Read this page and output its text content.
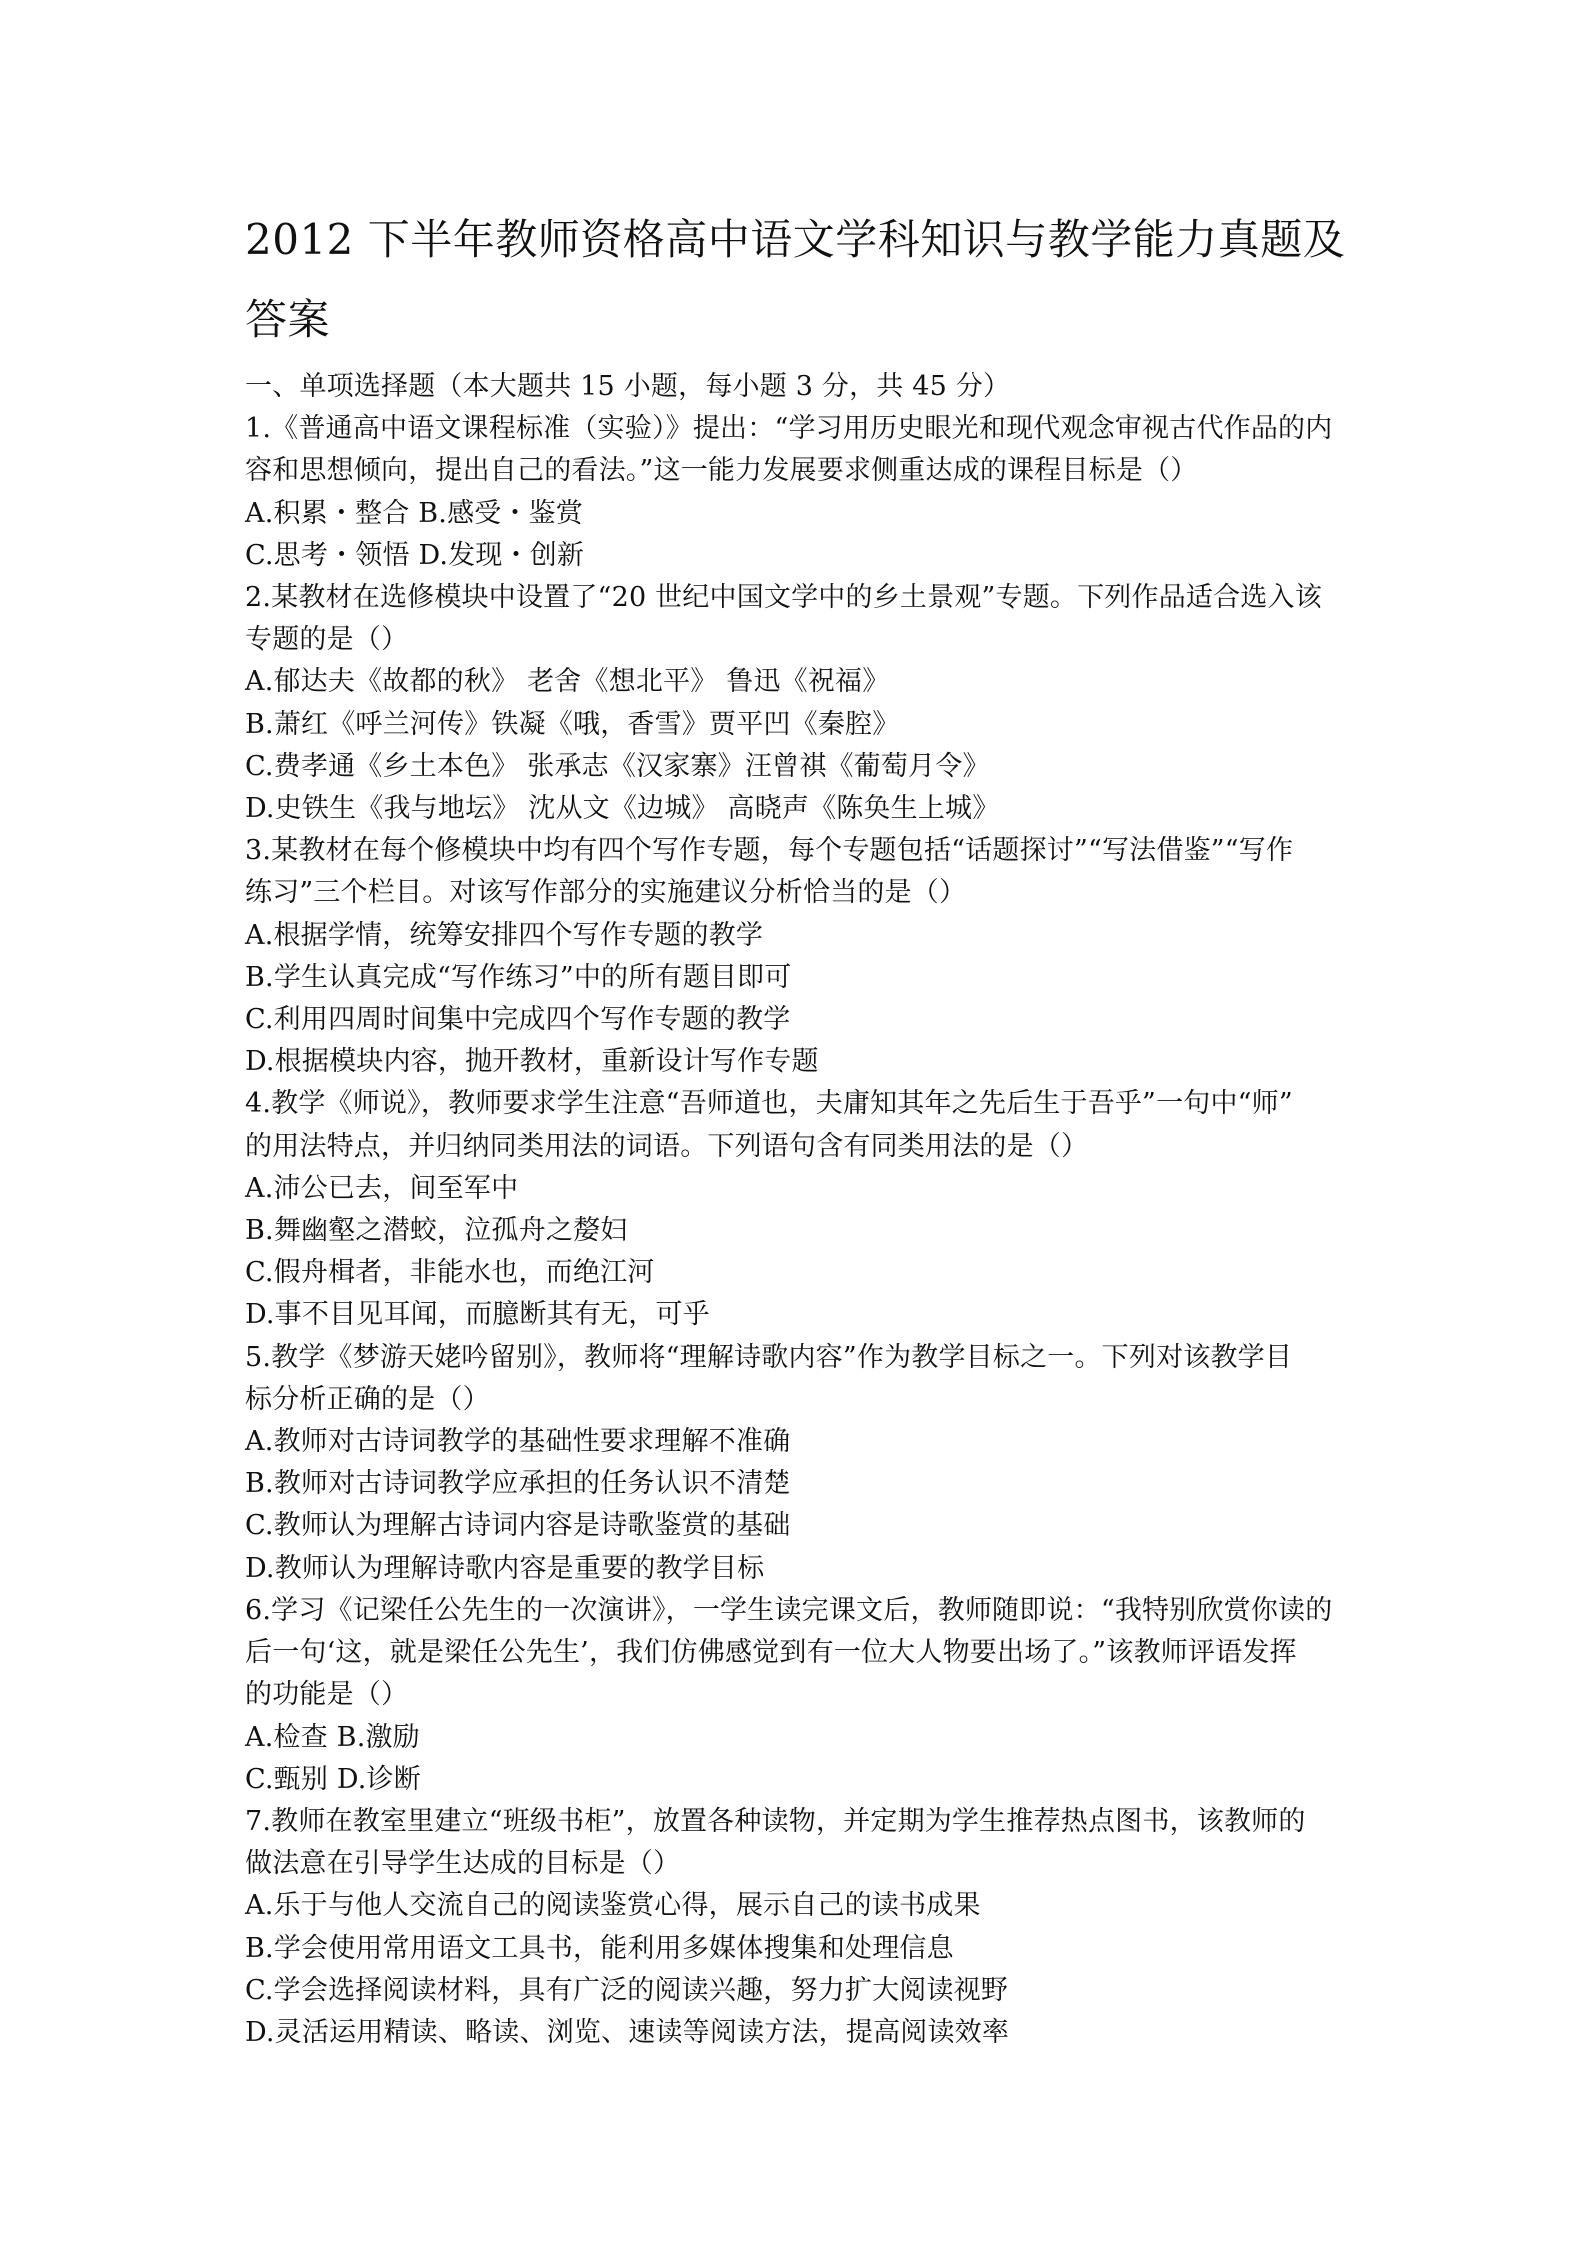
2012 下半年教师资格高中语文学科知识与教学能力真题及
答案
一、单项选择题（本大题共 15 小题，每小题 3 分，共 45 分）
1.《普通高中语文课程标准（实验）》提出：“学习用历史眼光和现代观念审视古代作品的内
容和思想倾向，提出自己的看法。”这一能力发展要求侧重达成的课程目标是（）
A.积累・整合 B.感受・鉴赏
C.思考・领悟 D.发现・创新
2.某教材在选修模块中设置了“20 世纪中国文学中的乡土景观”专题。下列作品适合选入该
专题的是（）
A.郁达夫《故都的秋》 老舍《想北平》 鲁迅《祝福》
B.萧红《呼兰河传》铁凝《哦，香雪》贾平凹《秦腔》
C.费孝通《乡土本色》 张承志《汉家寨》汪曾祺《葡萄月令》
D.史铁生《我与地坛》 沈从文《边城》 高晓声《陈奂生上城》
3.某教材在每个修模块中均有四个写作专题，每个专题包括“话题探讨”“写法借鉴”“写作
练习”三个栏目。对该写作部分的实施建议分析恰当的是（）
A.根据学情，统筹安排四个写作专题的教学
B.学生认真完成“写作练习”中的所有题目即可
C.利用四周时间集中完成四个写作专题的教学
D.根据模块内容，抛开教材，重新设计写作专题
4.教学《师说》，教师要求学生注意“吾师道也，夫庸知其年之先后生于吾乎”一句中“师”
的用法特点，并归纳同类用法的词语。下列语句含有同类用法的是（）
A.沛公已去，间至军中
B.舞幽壑之潜蛟，泣孤舟之嫠妇
C.假舟楫者，非能水也，而绝江河
D.事不目见耳闻，而臆断其有无，可乎
5.教学《梦游天姥吟留别》，教师将“理解诗歌内容”作为教学目标之一。下列对该教学目
标分析正确的是（）
A.教师对古诗词教学的基础性要求理解不准确
B.教师对古诗词教学应承担的任务认识不清楚
C.教师认为理解古诗词内容是诗歌鉴赏的基础
D.教师认为理解诗歌内容是重要的教学目标
6.学习《记梁任公先生的一次演讲》，一学生读完课文后，教师随即说：“我特别欣赏你读的
后一句‘这，就是梁任公先生’，我们仿佛感觉到有一位大人物要出场了。”该教师评语发挥
的功能是（）
A.检查 B.激励
C.甄别 D.诊断
7.教师在教室里建立“班级书柜”，放置各种读物，并定期为学生推荐热点图书，该教师的
做法意在引导学生达成的目标是（）
A.乐于与他人交流自己的阅读鉴赏心得，展示自己的读书成果
B.学会使用常用语文工具书，能利用多媒体搜集和处理信息
C.学会选择阅读材料，具有广泛的阅读兴趣，努力扩大阅读视野
D.灵活运用精读、略读、浏览、速读等阅读方法，提高阅读效率
